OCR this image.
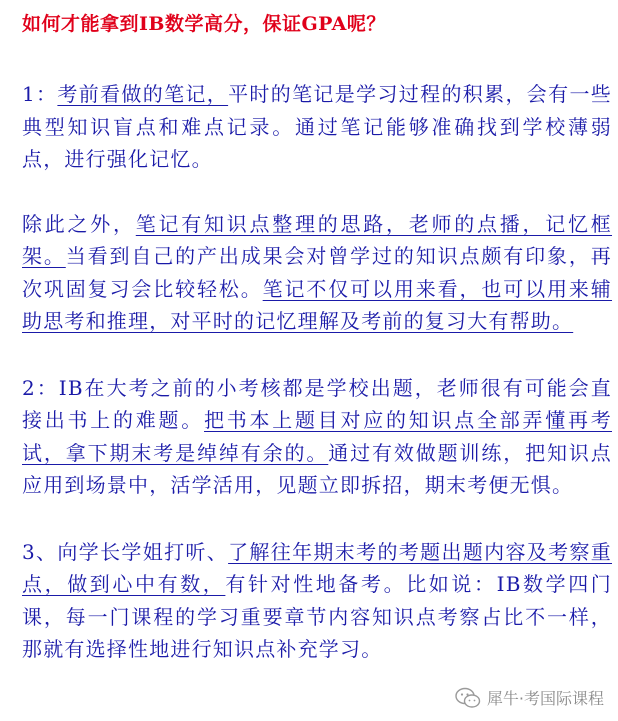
如何才能拿到IB数学高分，保证GPA呢？

1：考前看做的笔记，平时的笔记是学习过程的积累，会有一些典型知识盲点和难点记录。通过笔记能够准确找到学校薄弱点，进行强化记忆。

除此之外，笔记有知识点整理的思路，老师的点播，记忆框架。当看到自己的产出成果会对曾学过的知识点颇有印象，再次巩固复习会比较轻松。笔记不仅可以用来看，也可以用来辅助思考和推理，对平时的记忆理解及考前的复习大有帮助。

2：IB在大考之前的小考核都是学校出题，老师很有可能会直接出书上的难题。把书本上题目对应的知识点全部弄懂再考试，拿下期末考是绰绰有余的。通过有效做题训练，把知识点应用到场景中，活学活用，见题立即拆招，期末考便无惧。

3、向学长学姐打听、了解往年期末考的考题出题内容及考察重点，做到心中有数，有针对性地备考。比如说：IB数学四门课，每一门课程的学习重要章节内容知识点考察占比不一样，那就有选择性地进行知识点补充学习。

犀牛·考国际课程
